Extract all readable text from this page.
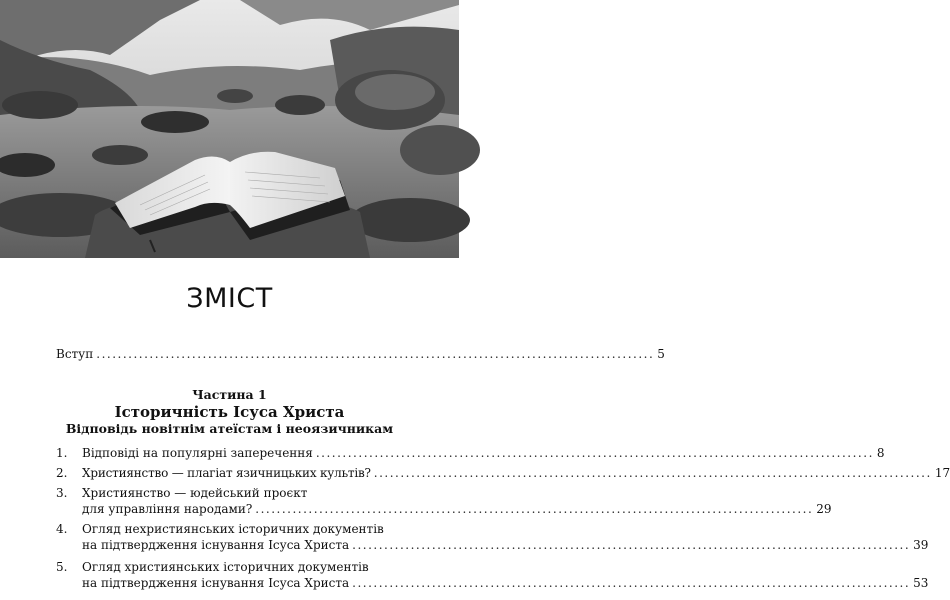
ЗМІСТ
Вступ ......................................................................................................... 5
Частина 1
Історичність Ісуса Христа
Відповідь новітнім атеїстам і неоязичникам
1.	Відповіді на популярні заперечення ......................................................................................................... 8
2.	Християнство — плагіат язичницьких культів? ......................................................................................................... 17
3.	Християнство — юдейський проєкт
для управління народами? ......................................................................................................... 29
4.	Огляд нехристиянських історичних документів
на підтвердження існування Ісуса Христа ......................................................................................................... 39
5.	Огляд християнських історичних документів
на підтвердження існування Ісуса Христа ......................................................................................................... 53
